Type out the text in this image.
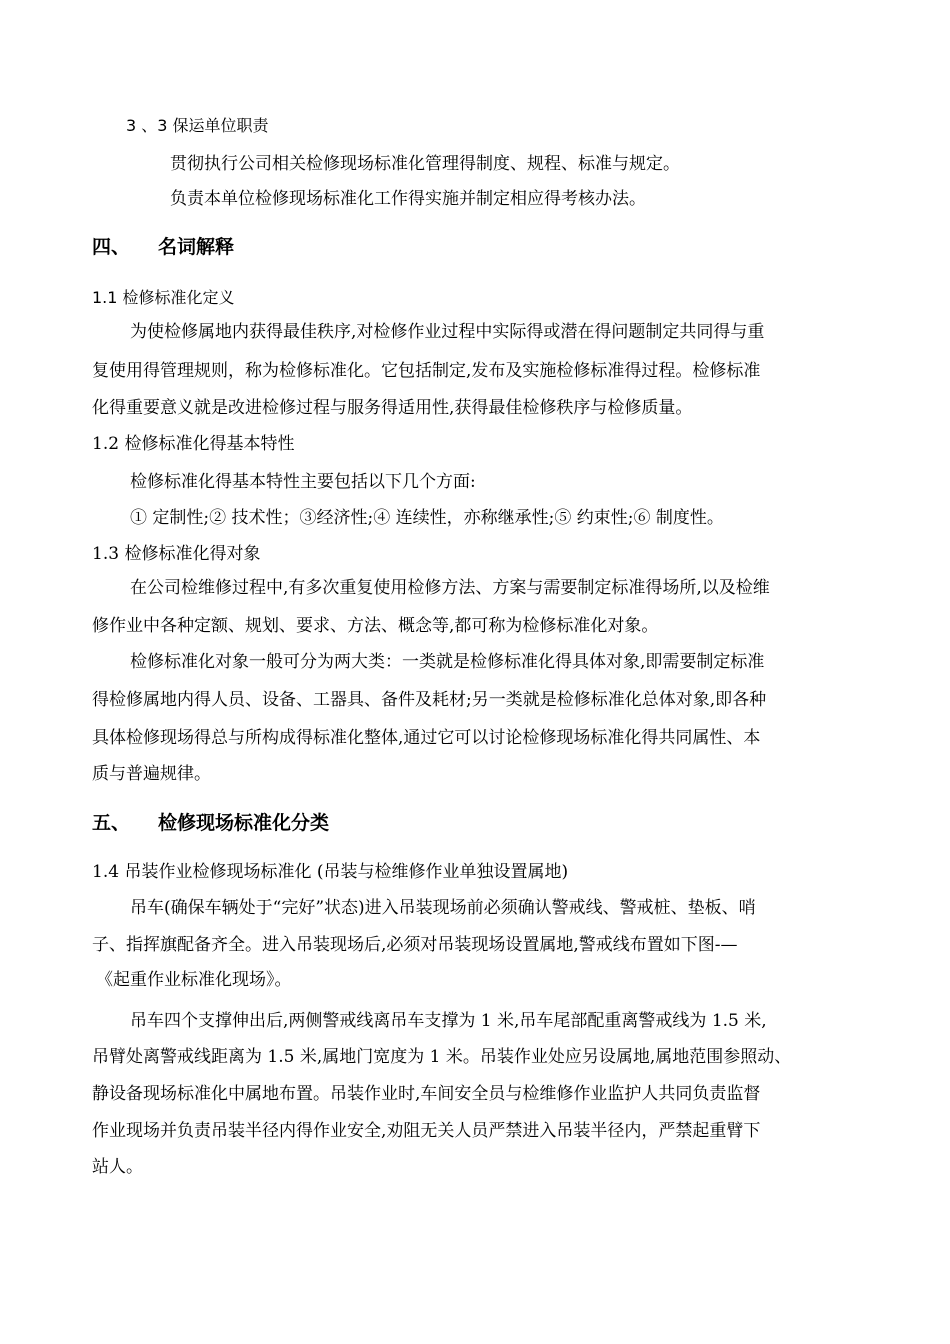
3 、3 保运单位职责
贯彻执行公司相关检修现场标准化管理得制度、规程、标准与规定。
负责本单位检修现场标准化工作得实施并制定相应得考核办法。
四、 名词解释
1.1 检修标准化定义
为使检修属地内获得最佳秩序,对检修作业过程中实际得或潜在得问题制定共同得与重
复使用得管理规则，称为检修标准化。它包括制定,发布及实施检修标准得过程。检修标准
化得重要意义就是改进检修过程与服务得适用性,获得最佳检修秩序与检修质量。
1.2 检修标准化得基本特性
检修标准化得基本特性主要包括以下几个方面:
① 定制性;② 技术性；③经济性;④ 连续性，亦称继承性;⑤ 约束性;⑥ 制度性。
1.3 检修标准化得对象
在公司检维修过程中,有多次重复使用检修方法、方案与需要制定标准得场所,以及检维
修作业中各种定额、规划、要求、方法、概念等,都可称为检修标准化对象。
检修标准化对象一般可分为两大类：一类就是检修标准化得具体对象,即需要制定标准
得检修属地内得人员、设备、工器具、备件及耗材;另一类就是检修标准化总体对象,即各种
具体检修现场得总与所构成得标准化整体,通过它可以讨论检修现场标准化得共同属性、本
质与普遍规律。
五、 检修现场标准化分类
1.4 吊装作业检修现场标准化 (吊装与检维修作业单独设置属地)
吊车(确保车辆处于“完好”状态)进入吊装现场前必须确认警戒线、警戒桩、垫板、哨
子、指挥旗配备齐全。进入吊装现场后,必须对吊装现场设置属地,警戒线布置如下图-—
《起重作业标准化现场》。
吊车四个支撑伸出后,两侧警戒线离吊车支撑为 1 米,吊车尾部配重离警戒线为 1.5 米,
吊臂处离警戒线距离为 1.5 米,属地门宽度为 1 米。吊装作业处应另设属地,属地范围参照动、
静设备现场标准化中属地布置。吊装作业时,车间安全员与检维修作业监护人共同负责监督
作业现场并负责吊装半径内得作业安全,劝阻无关人员严禁进入吊装半径内，严禁起重臂下
站人。
